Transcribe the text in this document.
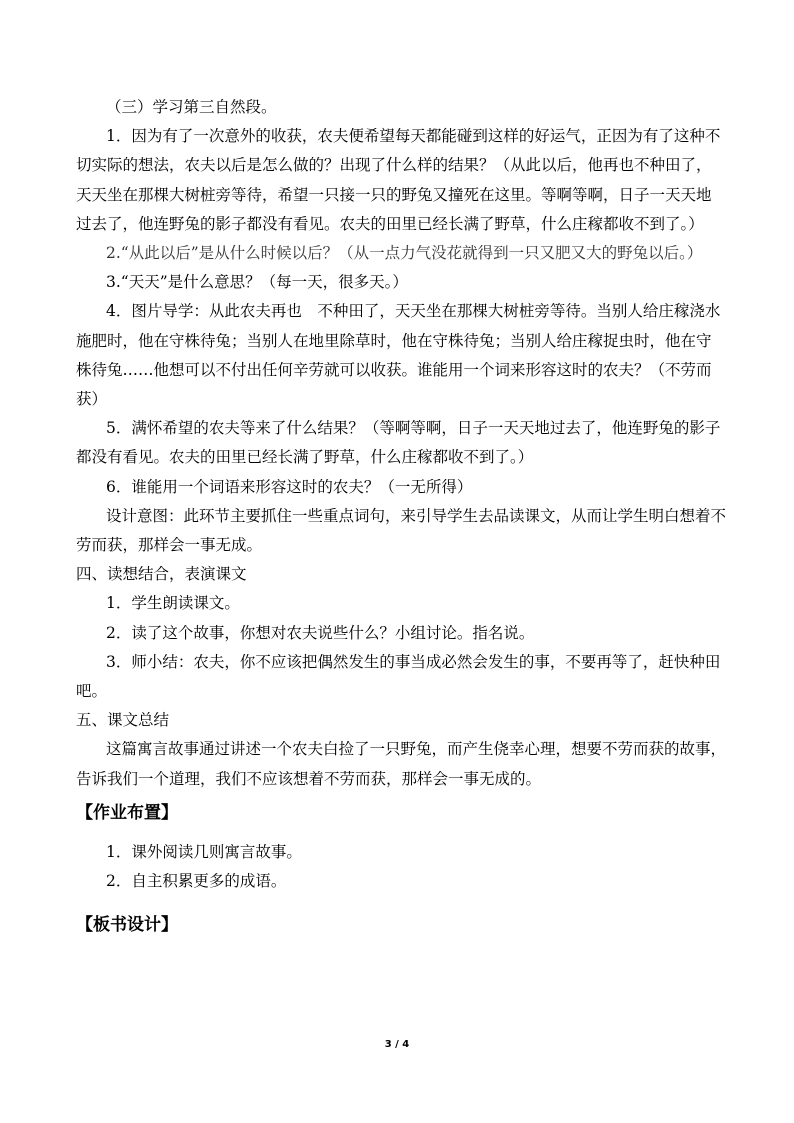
（三）学习第三自然段。

1．因为有了一次意外的收获，农夫便希望每天都能碰到这样的好运气，正因为有了这种不切实际的想法，农夫以后是怎么做的？出现了什么样的结果？（从此以后，他再也不种田了，天天坐在那棵大树桩旁等待，希望一只接一只的野兔又撞死在这里。等啊等啊，日子一天天地过去了，他连野兔的影子都没有看见。农夫的田里已经长满了野草，什么庄稼都收不到了。）

2.“从此以后”是从什么时候以后？（从一点力气没花就得到一只又肥又大的野兔以后。）

3.“天天”是什么意思？（每一天，很多天。）

4．图片导学：从此农夫再也　不种田了，天天坐在那棵大树桩旁等待。当别人给庄稼浇水施肥时，他在守株待兔；当别人在地里除草时，他在守株待兔；当别人给庄稼捉虫时，他在守株待兔……他想可以不付出任何辛劳就可以收获。谁能用一个词来形容这时的农夫？（不劳而获）

5．满怀希望的农夫等来了什么结果？（等啊等啊，日子一天天地过去了，他连野兔的影子都没有看见。农夫的田里已经长满了野草，什么庄稼都收不到了。）

6．谁能用一个词语来形容这时的农夫？（一无所得）

设计意图：此环节主要抓住一些重点词句，来引导学生去品读课文，从而让学生明白想着不劳而获，那样会一事无成。

四、读想结合，表演课文

1．学生朗读课文。

2．读了这个故事，你想对农夫说些什么？小组讨论。指名说。

3．师小结：农夫，你不应该把偶然发生的事当成必然会发生的事，不要再等了，赶快种田吧。

五、课文总结

这篇寓言故事通过讲述一个农夫白捡了一只野兔，而产生侥幸心理，想要不劳而获的故事，告诉我们一个道理，我们不应该想着不劳而获，那样会一事无成的。

【作业布置】

1．课外阅读几则寓言故事。

2．自主积累更多的成语。

【板书设计】

3 / 4
